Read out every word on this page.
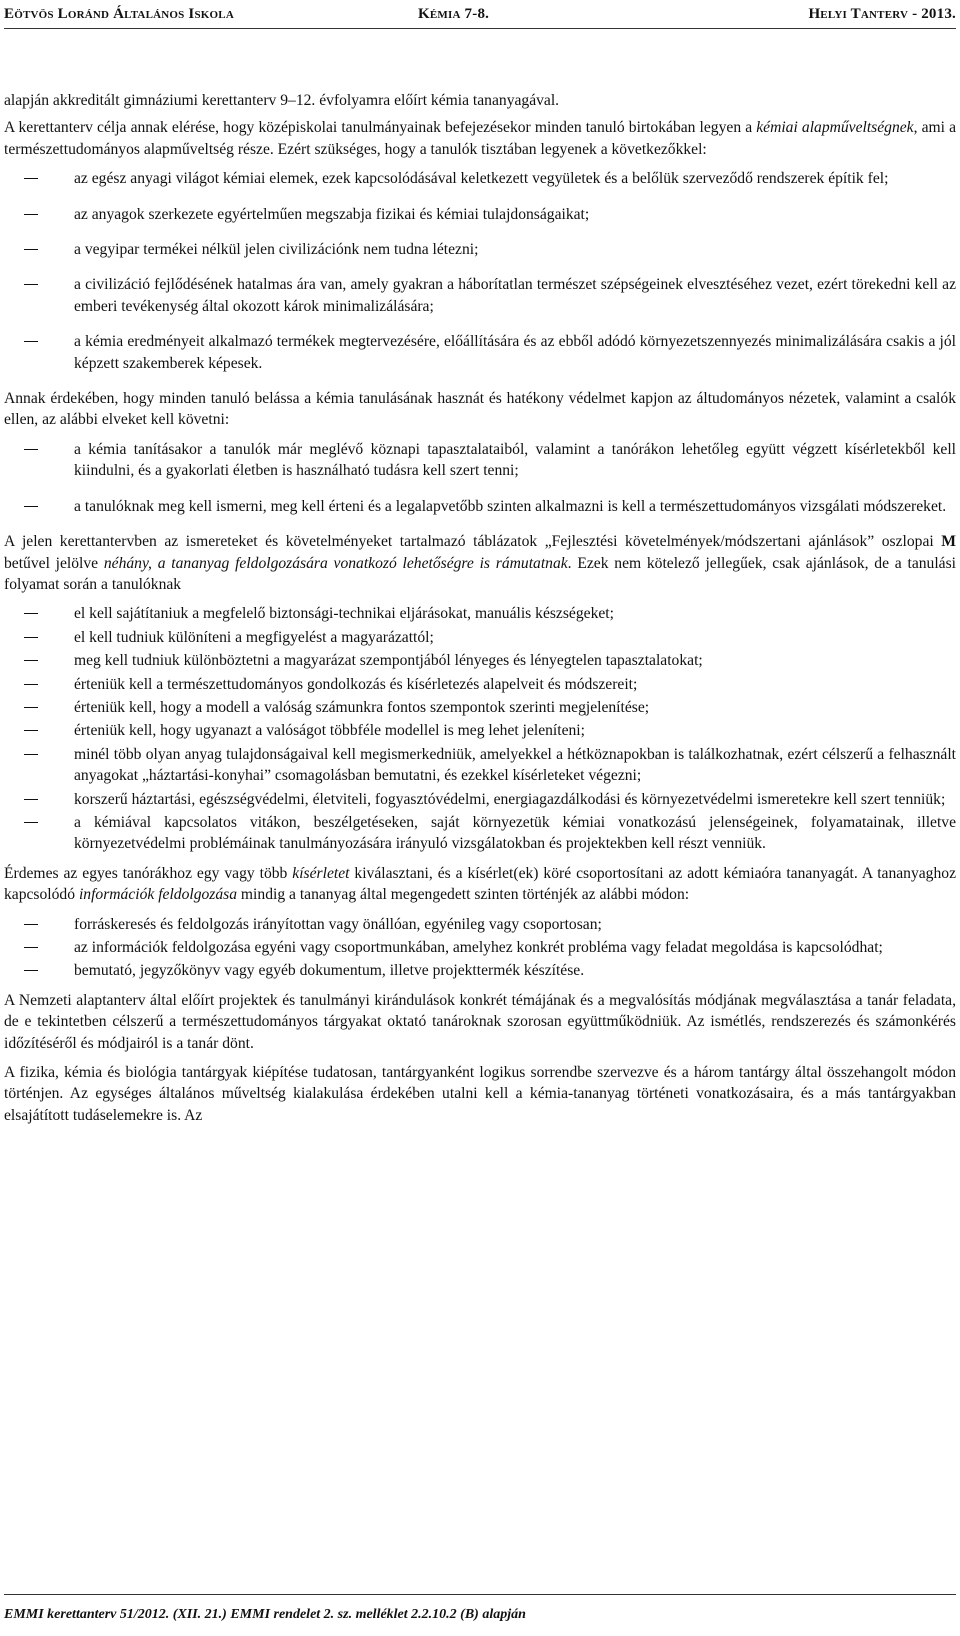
Eötvös Loránd Általános Iskola	Kémia 7-8.	Helyi Tanterv - 2013.

alapján akkreditált gimnáziumi kerettanterv 9–12. évfolyamra előírt kémia tananyagával.

A kerettanterv célja annak elérése, hogy középiskolai tanulmányainak befejezésekor minden tanuló birtokában legyen a kémiai alapműveltségnek, ami a természettudományos alapműveltség része. Ezért szükséges, hogy a tanulók tisztában legyenek a következőkkel:

az egész anyagi világot kémiai elemek, ezek kapcsolódásával keletkezett vegyületek és a belőlük szerveződő rendszerek építik fel;
az anyagok szerkezete egyértelműen megszabja fizikai és kémiai tulajdonságaikat;
a vegyipar termékei nélkül jelen civilizációnk nem tudna létezni;
a civilizáció fejlődésének hatalmas ára van, amely gyakran a háborítatlan természet szépségeinek elvesztéséhez vezet, ezért törekedni kell az emberi tevékenység által okozott károk minimalizálására;
a kémia eredményeit alkalmazó termékek megtervezésére, előállítására és az ebből adódó környezetszennyezés minimalizálására csakis a jól képzett szakemberek képesek.

Annak érdekében, hogy minden tanuló belássa a kémia tanulásának hasznát és hatékony védelmet kapjon az áltudományos nézetek, valamint a csalók ellen, az alábbi elveket kell követni:

a kémia tanításakor a tanulók már meglévő köznapi tapasztalataiból, valamint a tanórákon lehetőleg együtt végzett kísérletekből kell kiindulni, és a gyakorlati életben is használható tudásra kell szert tenni;
a tanulóknak meg kell ismerni, meg kell érteni és a legalapvetőbb szinten alkalmazni is kell a természettudományos vizsgálati módszereket.

A jelen kerettantervben az ismereteket és követelményeket tartalmazó táblázatok „Fejlesztési követelmények/módszertani ajánlások” oszlopai M betűvel jelölve néhány, a tananyag feldolgozására vonatkozó lehetőségre is rámutatnak. Ezek nem kötelező jellegűek, csak ajánlások, de a tanulási folyamat során a tanulóknak

el kell sajátítaniuk a megfelelő biztonsági-technikai eljárásokat, manuális készségeket;
el kell tudniuk különíteni a megfigyelést a magyarázattól;
meg kell tudniuk különböztetni a magyarázat szempontjából lényeges és lényegtelen tapasztalatokat;
érteniük kell a természettudományos gondolkozás és kísérletezés alapelveit és módszereit;
érteniük kell, hogy a modell a valóság számunkra fontos szempontok szerinti megjelenítése;
érteniük kell, hogy ugyanazt a valóságot többféle modellel is meg lehet jeleníteni;
minél több olyan anyag tulajdonságaival kell megismerkedniük, amelyekkel a hétköznapokban is találkozhatnak, ezért célszerű a felhasznált anyagokat „háztartási-konyhai” csomagolásban bemutatni, és ezekkel kísérleteket végezni;
korszerű háztartási, egészségvédelmi, életviteli, fogyasztóvédelmi, energiagazdálkodási és környezetvédelmi ismeretekre kell szert tenniük;
a kémiával kapcsolatos vitákon, beszélgetéseken, saját környezetük kémiai vonatkozású jelenségeinek, folyamatainak, illetve környezetvédelmi problémáinak tanulmányozására irányuló vizsgálatokban és projektekben kell részt venniük.

Érdemes az egyes tanórákhoz egy vagy több kísérletet kiválasztani, és a kísérlet(ek) köré csoportosítani az adott kémiaóra tananyagát. A tananyaghoz kapcsolódó információk feldolgozása mindig a tananyag által megengedett szinten történjék az alábbi módon:

forráskeresés és feldolgozás irányítottan vagy önállóan, egyénileg vagy csoportosan;
az információk feldolgozása egyéni vagy csoportmunkában, amelyhez konkrét probléma vagy feladat megoldása is kapcsolódhat;
bemutató, jegyzőkönyv vagy egyéb dokumentum, illetve projekttermék készítése.

A Nemzeti alaptanterv által előírt projektek és tanulmányi kirándulások konkrét témájának és a megvalósítás módjának megválasztása a tanár feladata, de e tekintetben célszerű a természettudományos tárgyakat oktató tanároknak szorosan együttműködniük. Az ismétlés, rendszerezés és számonkérés időzítéséről és módjairól is a tanár dönt.

A fizika, kémia és biológia tantárgyak kiépítése tudatosan, tantárgyanként logikus sorrendbe szervezve és a három tantárgy által összehangolt módon történjen. Az egységes általános műveltség kialakulása érdekében utalni kell a kémia-tananyag történeti vonatkozásaira, és a más tantárgyakban elsajátított tudáselemekre is. Az

EMMI kerettanterv 51/2012. (XII. 21.) EMMI rendelet 2. sz. melléklet 2.2.10.2 (B) alapján
